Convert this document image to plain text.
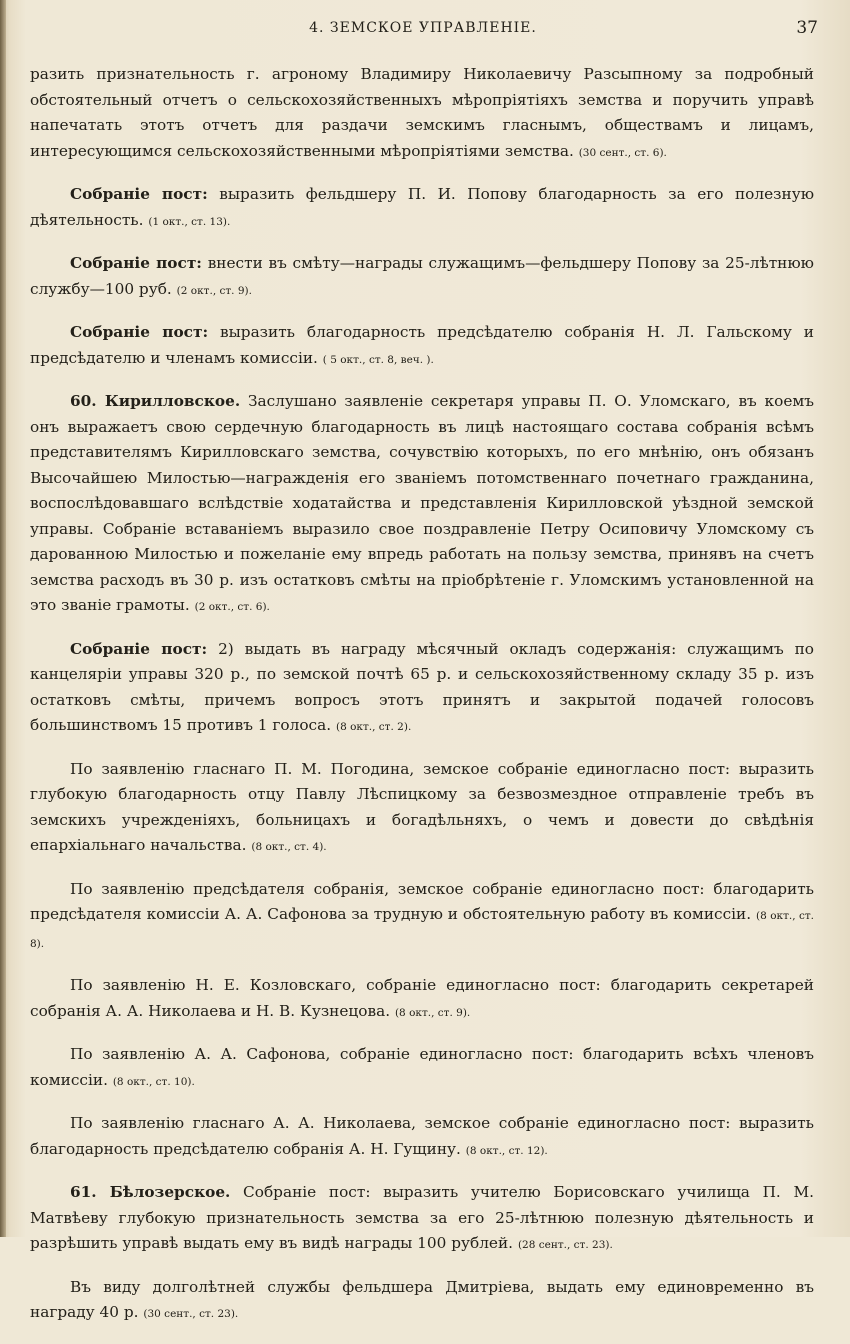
4. ЗЕМСКОЕ УПРАВЛЕНІЕ.	37

разить признательность г. агроному Владимиру Николаевичу Разсыпному за подробный обстоятельный отчетъ о сельскохозяйственныхъ мѣропріятіяхъ земства и поручить управѣ напечатать этотъ отчетъ для раздачи земскимъ гласнымъ, обществамъ и лицамъ, интересующимся сельскохозяйственными мѣропріятіями земства. (30 сент., ст. 6).

Собраніе пост: выразить фельдшеру П. И. Попову благодарность за его полезную дѣятельность. (1 окт., ст. 13).

Собраніе пост: внести въ смѣту—награды служащимъ—фельдшеру Попову за 25-лѣтнюю службу—100 руб. (2 окт., ст. 9).

Собраніе пост: выразить благодарность предсѣдателю собранія Н. Л. Гальскому и предсѣдателю и членамъ комиссіи. ( 5 окт., ст. 8, веч. ).

60. Кирилловское. Заслушано заявленіе секретаря управы П. О. Уломскаго, въ коемъ онъ выражаетъ свою сердечную благодарность въ лицѣ настоящаго состава собранія всѣмъ представителямъ Кирилловскаго земства, сочувствію которыхъ, по его мнѣнію, онъ обязанъ Высочайшею Милостью—награжденія его званіемъ потомственнаго почетнаго гражданина, воспослѣдовавшаго вслѣдствіе ходатайства и представленія Кирилловской уѣздной земской управы. Собраніе вставаніемъ выразило свое поздравленіе Петру Осиповичу Уломскому съ дарованною Милостью и пожеланіе ему впредь работать на пользу земства, принявъ на счетъ земства расходъ въ 30 р. изъ остатковъ смѣты на пріобрѣтеніе г. Уломскимъ установленной на это званіе грамоты. (2 окт., ст. 6).

Собраніе пост: 2) выдать въ награду мѣсячный окладъ содержанія: служащимъ по канцеляріи управы 320 р., по земской почтѣ 65 р. и сельскохозяйственному складу 35 р. изъ остатковъ смѣты, причемъ вопросъ этотъ принятъ и закрытой подачей голосовъ большинствомъ 15 противъ 1 голоса. (8 окт., ст. 2).

По заявленію гласнаго П. М. Погодина, земское собраніе единогласно пост: выразить глубокую благодарность отцу Павлу Лѣспицкому за безвозмездное отправленіе требъ въ земскихъ учрежденіяхъ, больницахъ и богадѣльняхъ, о чемъ и довести до свѣдѣнія епархіальнаго начальства. (8 окт., ст. 4).

По заявленію предсѣдателя собранія, земское собраніе единогласно пост: благодарить предсѣдателя комиссіи А. А. Сафонова за трудную и обстоятельную работу въ комиссіи. (8 окт., ст. 8).

По заявленію Н. Е. Козловскаго, собраніе единогласно пост: благодарить секретарей собранія А. А. Николаева и Н. В. Кузнецова. (8 окт., ст. 9).

По заявленію А. А. Сафонова, собраніе единогласно пост: благодарить всѣхъ членовъ комиссіи. (8 окт., ст. 10).

По заявленію гласнаго А. А. Николаева, земское собраніе единогласно пост: выразить благодарность предсѣдателю собранія А. Н. Гущину. (8 окт., ст. 12).

61. Бѣлозерское. Собраніе пост: выразить учителю Борисовскаго училища П. М. Матвѣеву глубокую признательность земства за его 25-лѣтнюю полезную дѣятельность и разрѣшить управѣ выдать ему въ видѣ награды 100 рублей. (28 сент., ст. 23).

Въ виду долголѣтней службы фельдшера Дмитріева, выдать ему единовременно въ награду 40 р. (30 сент., ст. 23).
